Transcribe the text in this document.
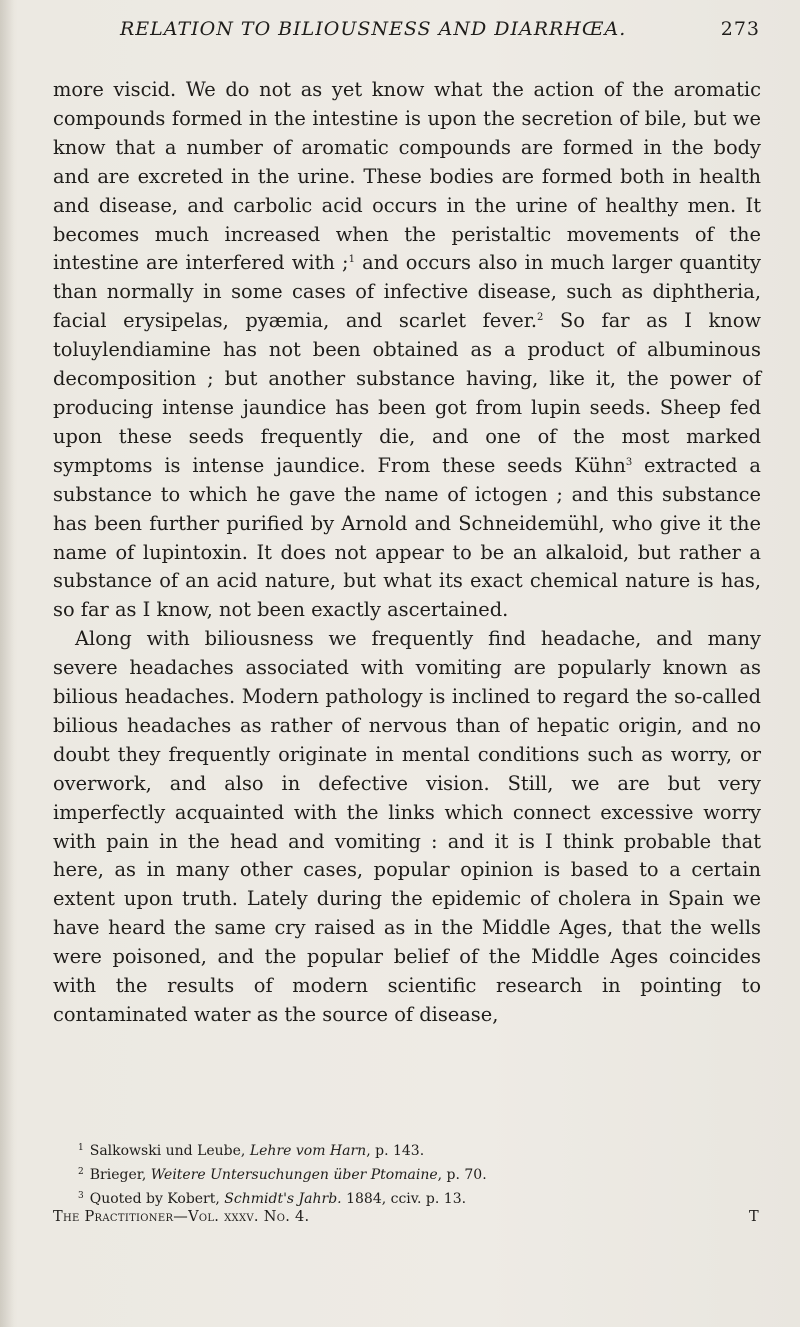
RELATION TO BILIOUSNESS AND DIARRHŒA.	273

more viscid. We do not as yet know what the action of the aromatic compounds formed in the intestine is upon the secretion of bile, but we know that a number of aromatic compounds are formed in the body and are excreted in the urine. These bodies are formed both in health and disease, and carbolic acid occurs in the urine of healthy men. It becomes much increased when the peristaltic movements of the intestine are interfered with ;$^1$ and occurs also in much larger quantity than normally in some cases of infective disease, such as diphtheria, facial erysipelas, pyæmia, and scarlet fever.$^2$ So far as I know toluylendiamine has not been obtained as a product of albuminous decomposition ; but another substance having, like it, the power of producing intense jaundice has been got from lupin seeds. Sheep fed upon these seeds frequently die, and one of the most marked symptoms is intense jaundice. From these seeds Kühn$^3$ extracted a substance to which he gave the name of ictogen ; and this substance has been further purified by Arnold and Schneidemühl, who give it the name of lupintoxin. It does not appear to be an alkaloid, but rather a substance of an acid nature, but what its exact chemical nature is has, so far as I know, not been exactly ascertained.

Along with biliousness we frequently find headache, and many severe headaches associated with vomiting are popularly known as bilious headaches. Modern pathology is inclined to regard the so-called bilious headaches as rather of nervous than of hepatic origin, and no doubt they frequently originate in mental conditions such as worry, or overwork, and also in defective vision. Still, we are but very imperfectly acquainted with the links which connect excessive worry with pain in the head and vomiting : and it is I think probable that here, as in many other cases, popular opinion is based to a certain extent upon truth. Lately during the epidemic of cholera in Spain we have heard the same cry raised as in the Middle Ages, that the wells were poisoned, and the popular belief of the Middle Ages coincides with the results of modern scientific research in pointing to contaminated water as the source of disease,

$^1$ Salkowski und Leube, Lehre vom Harn, p. 143.
$^2$ Brieger, Weitere Untersuchungen über Ptomaine, p. 70.
$^3$ Quoted by Kobert, Schmidt's Jahrb. 1884, cciv. p. 13.
The Practitioner—Vol. xxxv. No. 4.	T
